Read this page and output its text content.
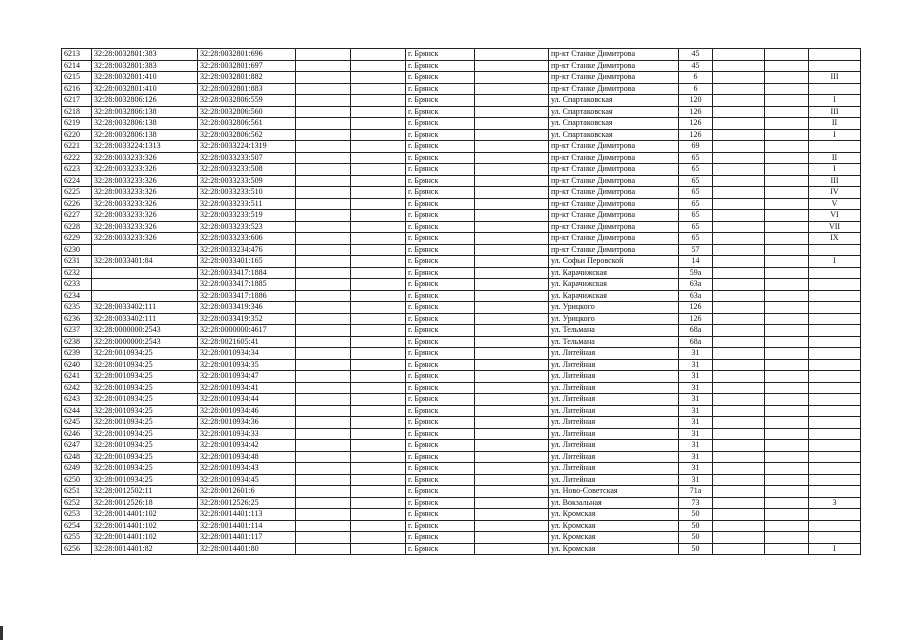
6213	32:28:0032801:383	32:28:0032801:696			г. Брянск		пр-кт Станке Димитрова	45			
6214	32:28:0032801:383	32:28:0032801:697			г. Брянск		пр-кт Станке Димитрова	45			
6215	32:28:0032801:410	32:28:0032801:882			г. Брянск		пр-кт Станке Димитрова	6			III
6216	32:28:0032801:410	32:28:0032801:883			г. Брянск		пр-кт Станке Димитрова	6			
6217	32:28:0032806:126	32:28:0032806:559			г. Брянск		ул. Спартаковская	120			I
6218	32:28:0032806:138	32:28:0032806:560			г. Брянск		ул. Спартаковская	126			III
6219	32:28:0032806:138	32:28:0032806:561			г. Брянск		ул. Спартаковская	126			II
6220	32:28:0032806:138	32:28:0032806:562			г. Брянск		ул. Спартаковская	126			I
6221	32:28:0033224:1313	32:28:0033224:1319			г. Брянск		пр-кт Станке Димитрова	69			
6222	32:28:0033233:326	32:28:0033233:507			г. Брянск		пр-кт Станке Димитрова	65			II
6223	32:28:0033233:326	32:28:0033233:508			г. Брянск		пр-кт Станке Димитрова	65			I
6224	32:28:0033233:326	32:28:0033233:509			г. Брянск		пр-кт Станке Димитрова	65			III
6225	32:28:0033233:326	32:28:0033233:510			г. Брянск		пр-кт Станке Димитрова	65			IV
6226	32:28:0033233:326	32:28:0033233:511			г. Брянск		пр-кт Станке Димитрова	65			V
6227	32:28:0033233:326	32:28:0033233:519			г. Брянск		пр-кт Станке Димитрова	65			VI
6228	32:28:0033233:326	32:28:0033233:523			г. Брянск		пр-кт Станке Димитрова	65			VII
6229	32:28:0033233:326	32:28:0033233:606			г. Брянск		пр-кт Станке Димитрова	65			IX
6230		32:28:0033234:476			г. Брянск		пр-кт Станке Димитрова	57			
6231	32:28:0033401:84	32:28:0033401:165			г. Брянск		ул. Софьи Перовской	14			I
6232		32:28:0033417:1884			г. Брянск		ул. Карачижская	59а			
6233		32:28:0033417:1885			г. Брянск		ул. Карачижская	63а			
6234		32:28:0033417:1886			г. Брянск		ул. Карачижская	63а			
6235	32:28:0033402:111	32:28:0033419:346			г. Брянск		ул. Урицкого	126			
6236	32:28:0033402:111	32:28:0033419:352			г. Брянск		ул. Урицкого	126			
6237	32:28:0000000:2543	32:28:0000000:4617			г. Брянск		ул. Тельмана	68а			
6238	32:28:0000000:2543	32:28:0021605:41			г. Брянск		ул. Тельмана	68а			
6239	32:28:0010934:25	32:28:0010934:34			г. Брянск		ул. Литейная	31			
6240	32:28:0010934:25	32:28:0010934:35			г. Брянск		ул. Литейная	31			
6241	32:28:0010934:25	32:28:0010934:47			г. Брянск		ул. Литейная	31			
6242	32:28:0010934:25	32:28:0010934:41			г. Брянск		ул. Литейная	31			
6243	32:28:0010934:25	32:28:0010934:44			г. Брянск		ул. Литейная	31			
6244	32:28:0010934:25	32:28:0010934:46			г. Брянск		ул. Литейная	31			
6245	32:28:0010934:25	32:28:0010934:36			г. Брянск		ул. Литейная	31			
6246	32:28:0010934:25	32:28:0010934:33			г. Брянск		ул. Литейная	31			
6247	32:28:0010934:25	32:28:0010934:42			г. Брянск		ул. Литейная	31			
6248	32:28:0010934:25	32:28:0010934:48			г. Брянск		ул. Литейная	31			
6249	32:28:0010934:25	32:28:0010934:43			г. Брянск		ул. Литейная	31			
6250	32:28:0010934:25	32:28:0010934:45			г. Брянск		ул. Литейная	31			
6251	32:28:0012502:11	32:28:0012601:6			г. Брянск		ул. Ново-Советская	71а			
6252	32:28:0012526:18	32:28:0012526:25			г. Брянск		ул. Вокзальная	73			3
6253	32:28:0014401:102	32:28:0014401:113			г. Брянск		ул. Кромская	50			
6254	32:28:0014401:102	32:28:0014401:114			г. Брянск		ул. Кромская	50			
6255	32:28:0014401:102	32:28:0014401:117			г. Брянск		ул. Кромская	50			
6256	32:28:0014401:82	32:28:0014401:80			г. Брянск		ул. Кромская	50			I
